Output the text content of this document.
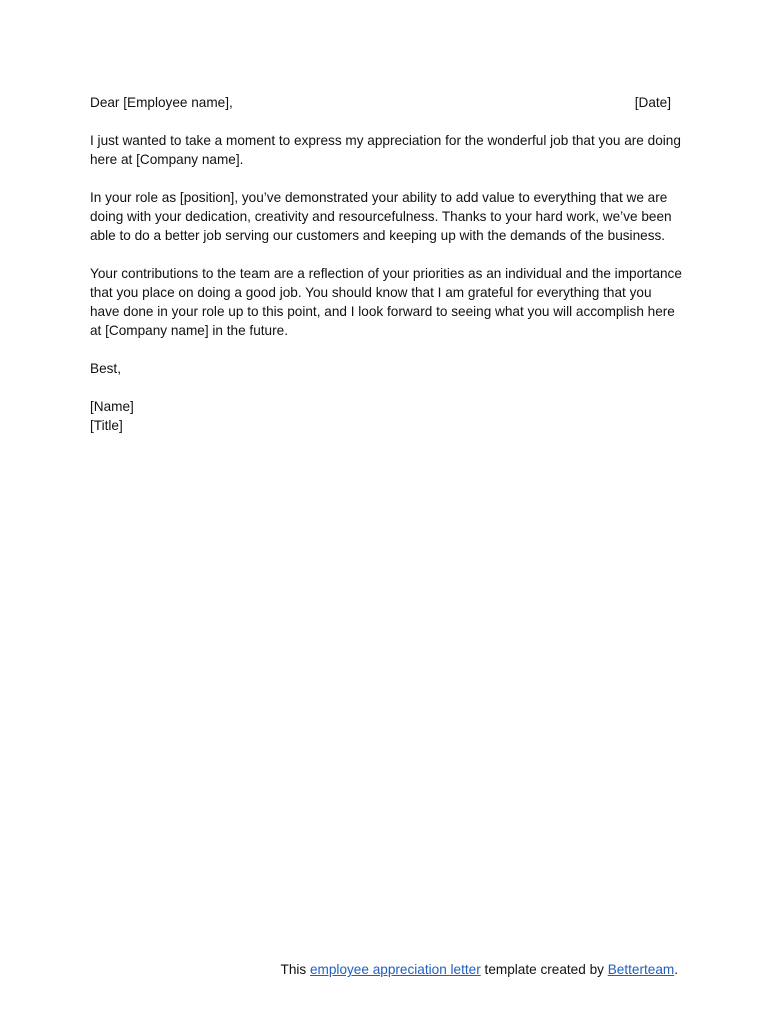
Dear [Employee name],	[Date]

I just wanted to take a moment to express my appreciation for the wonderful job that you are doing here at [Company name].

In your role as [position], you’ve demonstrated your ability to add value to everything that we are doing with your dedication, creativity and resourcefulness. Thanks to your hard work, we’ve been able to do a better job serving our customers and keeping up with the demands of the business.

Your contributions to the team are a reflection of your priorities as an individual and the importance that you place on doing a good job. You should know that I am grateful for everything that you have done in your role up to this point, and I look forward to seeing what you will accomplish here at [Company name] in the future.

Best,

[Name]

[Title]

This employee appreciation letter template created by Betterteam.
